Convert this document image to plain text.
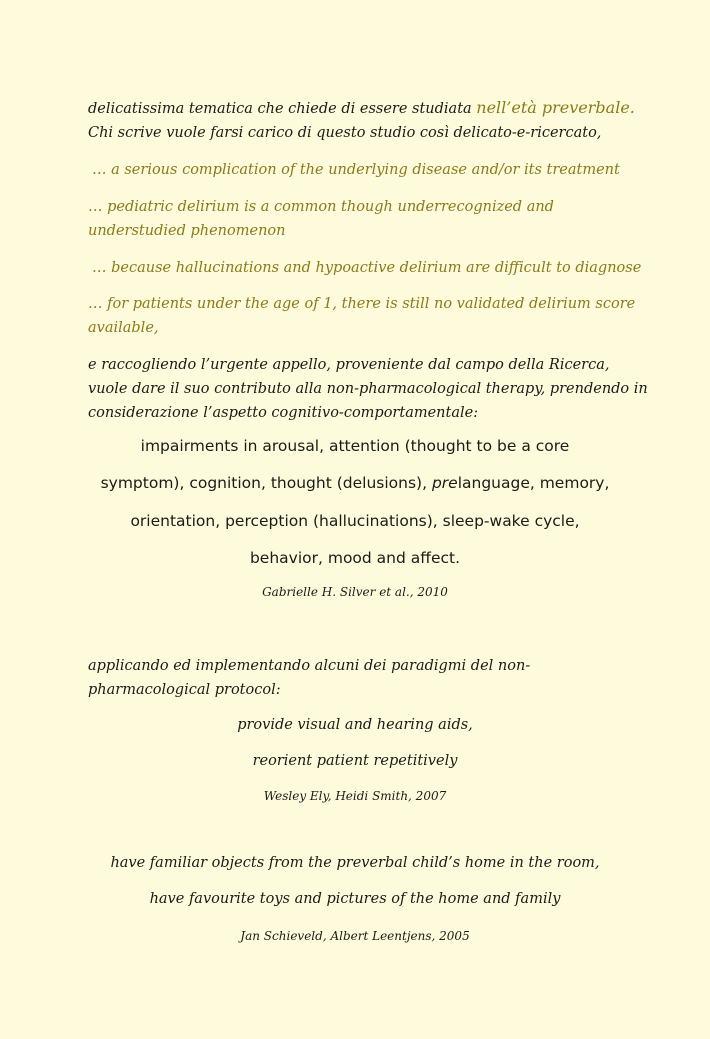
delicatissima tematica che chiede di essere studiata nell’età preverbale. Chi scrive vuole farsi carico di questo studio così delicato-e-ricercato,

… a serious complication of the underlying disease and/or its treatment

… pediatric delirium is a common though underrecognized and understudied phenomenon

… because hallucinations and hypoactive delirium are difficult to diagnose

… for patients under the age of 1, there is still no validated delirium score available,

e raccogliendo l’urgente appello, proveniente dal campo della Ricerca, vuole dare il suo contributo alla non-pharmacological therapy, prendendo in considerazione l’aspetto cognitivo-comportamentale:

impairments in arousal, attention (thought to be a core

symptom), cognition, thought (delusions), prelanguage, memory,

orientation, perception (hallucinations), sleep-wake cycle,

behavior, mood and affect.

Gabrielle H. Silver et al., 2010

applicando ed implementando alcuni dei paradigmi del non-pharmacological protocol:

provide visual and hearing aids,

reorient patient repetitively

Wesley Ely, Heidi Smith, 2007

have familiar objects from the preverbal child’s home in the room,

have favourite toys and pictures of the home and family

Jan Schieveld, Albert Leentjens, 2005
